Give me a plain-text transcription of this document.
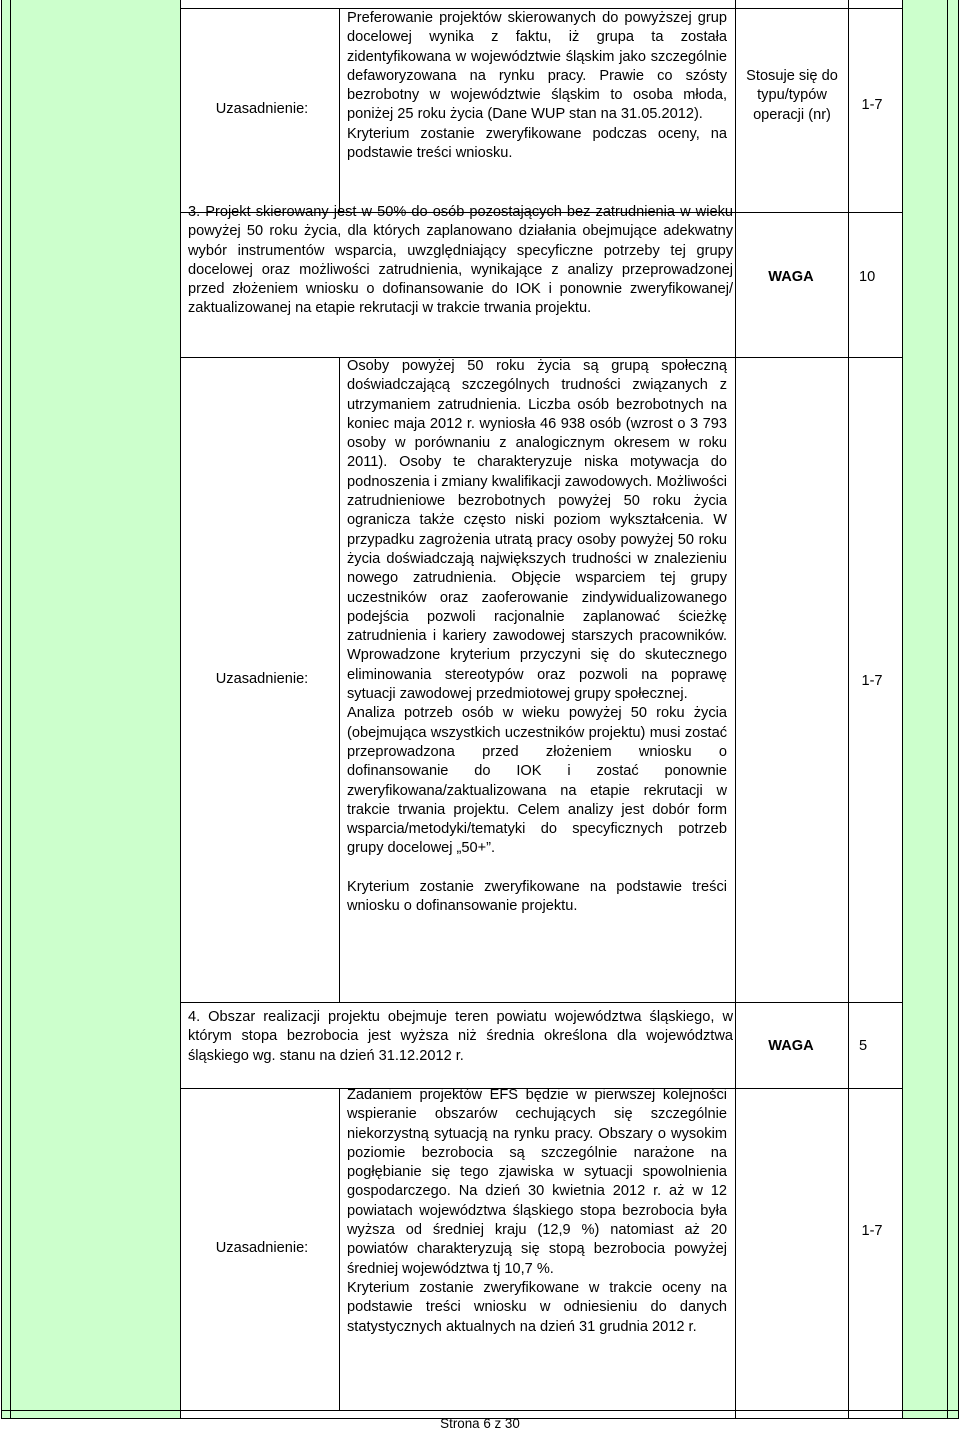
Uzasadnienie:

Preferowanie projektów skierowanych do powyższej grup docelowej wynika z faktu, iż grupa ta została zidentyfikowana w województwie śląskim jako szczególnie defaworyzowana na rynku pracy. Prawie co szósty bezrobotny w województwie śląskim to osoba młoda, poniżej 25 roku życia (Dane WUP stan na 31.05.2012).

Kryterium zostanie zweryfikowane podczas oceny, na podstawie treści wniosku.

Stosuje się do typu/typów operacji (nr)
1-7

3. Projekt skierowany jest w 50% do osób pozostających bez zatrudnienia w wieku powyżej 50 roku życia, dla których zaplanowano działania obejmujące adekwatny wybór instrumentów wsparcia, uwzględniający specyficzne potrzeby tej grupy docelowej oraz możliwości zatrudnienia, wynikające z analizy przeprowadzonej przed złożeniem wniosku o dofinansowanie do IOK i ponownie zweryfikowanej/ zaktualizowanej na etapie rekrutacji w trakcie trwania projektu.

WAGA	10
Uzasadnienie:

Osoby powyżej 50 roku życia są grupą społeczną doświadczającą szczególnych trudności związanych z utrzymaniem zatrudnienia. Liczba osób bezrobotnych na koniec maja 2012 r. wyniosła 46 938 osób (wzrost o 3 793 osoby w porównaniu z analogicznym okresem w roku 2011). Osoby te charakteryzuje niska motywacja do podnoszenia i zmiany kwalifikacji zawodowych. Możliwości zatrudnieniowe bezrobotnych powyżej 50 roku życia ogranicza także często niski poziom wykształcenia. W przypadku zagrożenia utratą pracy osoby powyżej 50 roku życia doświadczają największych trudności w znalezieniu nowego zatrudnienia. Objęcie wsparciem tej grupy uczestników oraz zaoferowanie zindywidualizowanego podejścia pozwoli racjonalnie zaplanować ścieżkę zatrudnienia i kariery zawodowej starszych pracowników. Wprowadzone kryterium przyczyni się do skutecznego eliminowania stereotypów oraz pozwoli na poprawę sytuacji zawodowej przedmiotowej grupy społecznej.

Analiza potrzeb osób w wieku powyżej 50 roku życia (obejmująca wszystkich uczestników projektu) musi zostać przeprowadzona przed złożeniem wniosku o dofinansowanie do IOK i zostać ponownie zweryfikowana/zaktualizowana na etapie rekrutacji w trakcie trwania projektu. Celem analizy jest dobór form wsparcia/metodyki/tematyki do specyficznych potrzeb grupy docelowej „50+”.

Kryterium zostanie zweryfikowane na podstawie treści wniosku o dofinansowanie projektu.

1-7

4. Obszar realizacji projektu obejmuje teren powiatu województwa śląskiego, w którym stopa bezrobocia jest wyższa niż średnia określona dla województwa śląskiego wg. stanu na dzień 31.12.2012 r.

WAGA	5
Uzasadnienie:

Zadaniem projektów EFS będzie w pierwszej kolejności wspieranie obszarów cechujących się szczególnie niekorzystną sytuacją na rynku pracy. Obszary o wysokim poziomie bezrobocia są szczególnie narażone na pogłębianie się tego zjawiska w sytuacji spowolnienia gospodarczego. Na dzień 30 kwietnia 2012 r. aż w 12 powiatach województwa śląskiego stopa bezrobocia była wyższa od średniej kraju (12,9 %) natomiast aż 20 powiatów charakteryzują się stopą bezrobocia powyżej średniej województwa tj 10,7 %.

Kryterium zostanie zweryfikowane w trakcie oceny na podstawie treści wniosku w odniesieniu do danych statystycznych aktualnych na dzień 31 grudnia 2012 r.

1-7
Strona 6 z 30
